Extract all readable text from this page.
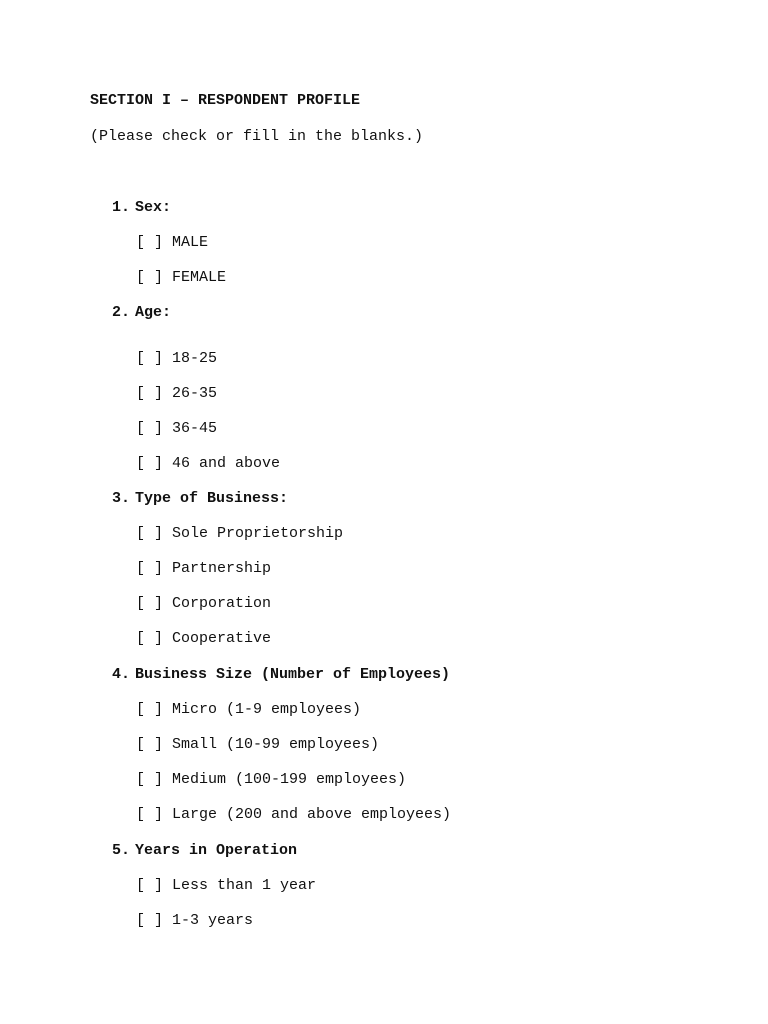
SECTION I – RESPONDENT PROFILE
(Please check or fill in the blanks.)
1. Sex:
[ ] MALE
[ ] FEMALE
2. Age:
[ ] 18-25
[ ] 26-35
[ ] 36-45
[ ] 46 and above
3. Type of Business:
[ ] Sole Proprietorship
[ ] Partnership
[ ] Corporation
[ ] Cooperative
4. Business Size (Number of Employees)
[ ] Micro (1-9 employees)
[ ] Small (10-99 employees)
[ ] Medium (100-199 employees)
[ ] Large (200 and above employees)
5. Years in Operation
[ ] Less than 1 year
[ ] 1-3 years
